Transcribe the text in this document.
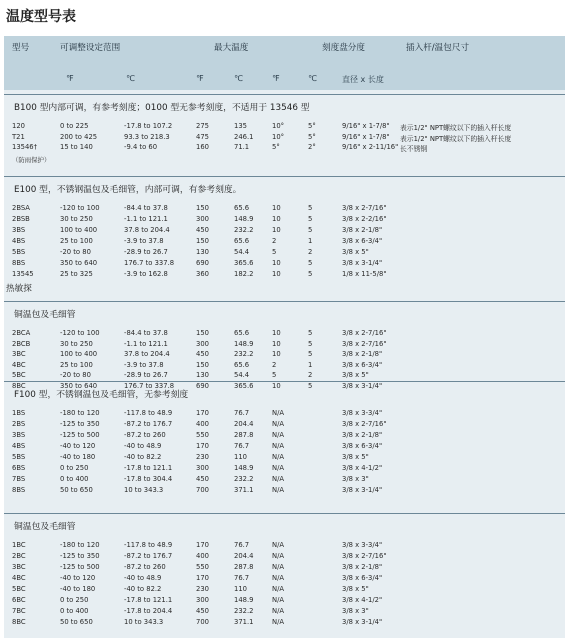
温度型号表
型号	可调整设定范围	最大温度	刻度盘分度	插入杆/温包尺寸
℉	℃	℉	℃	℉	℃	直径 x 长度
B100 型内部可调，有参考刻度；0100 型无参考刻度，不适用于 13546 型
120	0 to 225	-17.8 to 107.2	275	135	10°	5°	9/16" x 1-7/8" 表示1/2" NPT螺纹以下的插入杆长度
T21	200 to 425	93.3 to 218.3	475	246.1	10°	5°	9/16" x 1-7/8" 表示1/2" NPT螺纹以下的插入杆长度
13546†	15 to 140	-9.4 to 60	160	71.1	5°	2°	9/16" x 2-11/16" 长不锈钢
（防雨保护）
E100 型，不锈钢温包及毛细管，内部可调，有参考刻度。
2BSA	-120 to 100	-84.4 to 37.8	150	65.6	10	5	3/8 x 2-7/16"
2BSB	30 to 250	-1.1 to 121.1	300	148.9	10	5	3/8 x 2-2/16"
3BS	100 to 400	37.8 to 204.4	450	232.2	10	5	3/8 x 2-1/8"
4BS	25 to 100	-3.9 to 37.8	150	65.6	2	1	3/8 x 6-3/4"
5BS	-20 to 80	-28.9 to 26.7	130	54.4	5	2	3/8 x 5"
8BS	350 to 640	176.7 to 337.8	690	365.6	10	5	3/8 x 3-1/4"
13545	25 to 325	-3.9 to 162.8	360	182.2	10	5	1/8 x 11-5/8"
热敏探
铜温包及毛细管
2BCA	-120 to 100	-84.4 to 37.8	150	65.6	10	5	3/8 x 2-7/16"
2BCB	30 to 250	-1.1 to 121.1	300	148.9	10	5	3/8 x 2-7/16"
3BC	100 to 400	37.8 to 204.4	450	232.2	10	5	3/8 x 2-1/8"
4BC	25 to 100	-3.9 to 37.8	150	65.6	2	1	3/8 x 6-3/4"
5BC	-20 to 80	-28.9 to 26.7	130	54.4	5	2	3/8 x 5"
8BC	350 to 640	176.7 to 337.8	690	365.6	10	5	3/8 x 3-1/4"
F100 型，不锈钢温包及毛细管，无参考刻度
1BS	-180 to 120	-117.8 to 48.9	170	76.7	N/A	3/8 x 3-3/4"
2BS	-125 to 350	-87.2 to 176.7	400	204.4	N/A	3/8 x 2-7/16"
3BS	-125 to 500	-87.2 to 260	550	287.8	N/A	3/8 x 2-1/8"
4BS	-40 to 120	-40 to 48.9	170	76.7	N/A	3/8 x 6-3/4"
5BS	-40 to 180	-40 to 82.2	230	110	N/A	3/8 x 5"
6BS	0 to 250	-17.8 to 121.1	300	148.9	N/A	3/8 x 4-1/2"
7BS	0 to 400	-17.8 to 304.4	450	232.2	N/A	3/8 x 3"
8BS	50 to 650	10 to 343.3	700	371.1	N/A	3/8 x 3-1/4"
铜温包及毛细管
1BC	-180 to 120	-117.8 to 48.9	170	76.7	N/A	3/8 x 3-3/4"
2BC	-125 to 350	-87.2 to 176.7	400	204.4	N/A	3/8 x 2-7/16"
3BC	-125 to 500	-87.2 to 260	550	287.8	N/A	3/8 x 2-1/8"
4BC	-40 to 120	-40 to 48.9	170	76.7	N/A	3/8 x 6-3/4"
5BC	-40 to 180	-40 to 82.2	230	110	N/A	3/8 x 5"
6BC	0 to 250	-17.8 to 121.1	300	148.9	N/A	3/8 x 4-1/2"
7BC	0 to 400	-17.8 to 204.4	450	232.2	N/A	3/8 x 3"
8BC	50 to 650	10 to 343.3	700	371.1	N/A	3/8 x 3-1/4"
